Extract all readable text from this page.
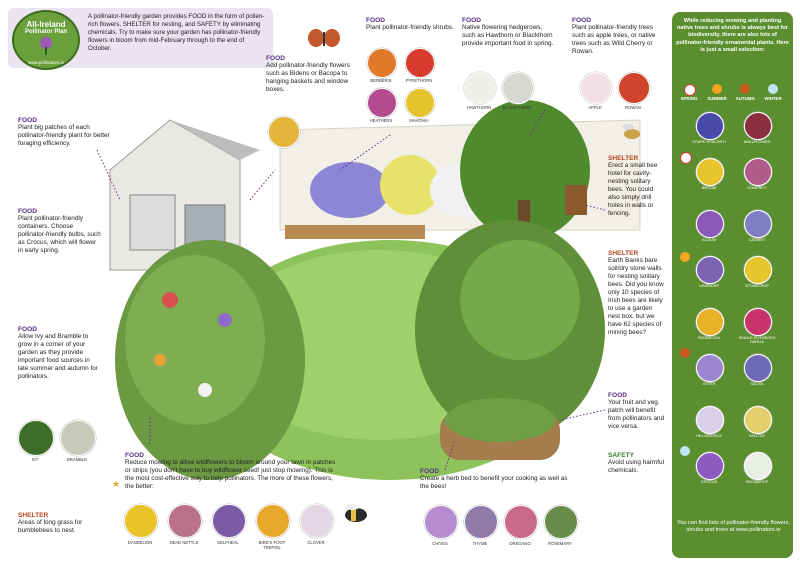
All-Ireland
Pollinator Plan
www.pollinators.ie
A pollinator-friendly garden provides FOOD in the form of pollen-rich flowers, SHELTER for nesting, and SAFETY by eliminating chemicals. Try to make sure your garden has pollinator-friendly flowers in bloom from mid-February through to the end of October.
FOOD
Plant big patches of each pollinator-friendly plant for better foraging efficiency.
FOOD
Plant pollinator-friendly containers. Choose pollinator-friendly bulbs, such as Crocus, which will flower in early spring.
FOOD
Allow Ivy and Bramble to grow in a corner of your garden as they provide important food sources in late summer and autumn for pollinators.
IVY	BRAMBLE
SHELTER
Areas of long grass for bumblebees to nest.
FOOD
Add pollinator-friendly flowers such as Bidens or Bacopa to hanging baskets and window boxes.
FOOD
Plant pollinator-friendly shrubs.
BERBERIS	PYRETHORN
HEATHERS	MAHONIA
FOOD
Native flowering hedgerows, such as Hawthorn or Blackthorn provide important food in spring.
HAWTHORN	BLACKTHORN
FOOD
Plant pollinator-friendly trees such as apple trees, or native trees such as Wild Cherry or Rowan.
APPLE	ROWAN
SHELTER
Erect a small bee hotel for cavity-nesting solitary bees. You could also simply drill holes in walls or fencing.
SHELTER
Earth Banks bare soil/dry stone walls for nesting solitary bees. Did you know only 10 species of Irish bees are likely to use a garden nest box, but we have 62 species of mining bees?
FOOD
Your fruit and veg. patch will benefit from pollinators and vice versa.
SAFETY
Avoid using harmful chemicals.
FOOD
Reduce mowing to allow wildflowers to bloom around your lawn in patches or strips (you don't have to buy wildflower seed! just stop mowing). This is the most cost-effective way to help pollinators. The more of these flowers, the better:
★
DANDELION	DEAD NETTLE	SELFHEAL	BIRD'S-FOOT TREFOIL
CLOVER
FOOD
Create a herb bed to benefit your cooking as well as the bees!
CHIVES	THYME	OREGANO	ROSEMARY
While reducing mowing and planting native trees and shrubs is always best for biodiversity, there are also lots of pollinator-friendly ornamental plants. Here is just a small selection:
SPRING	SUMMER	AUTUMN	WINTER
GRAPE HYACINTH	WALLFLOWER
BROOM	COMFREY
ALLIUM	CATMINT
LAVENDER	STONECROP
RUDBECKIA	SINGLE-FLOWERED DAHLIA
ASTER	SALVIA
HELLEBORUS	WILLOW
CROCUS	SNOWDROP
You can find lists of pollinator-friendly flowers, shrubs and trees at www.pollinators.ie
